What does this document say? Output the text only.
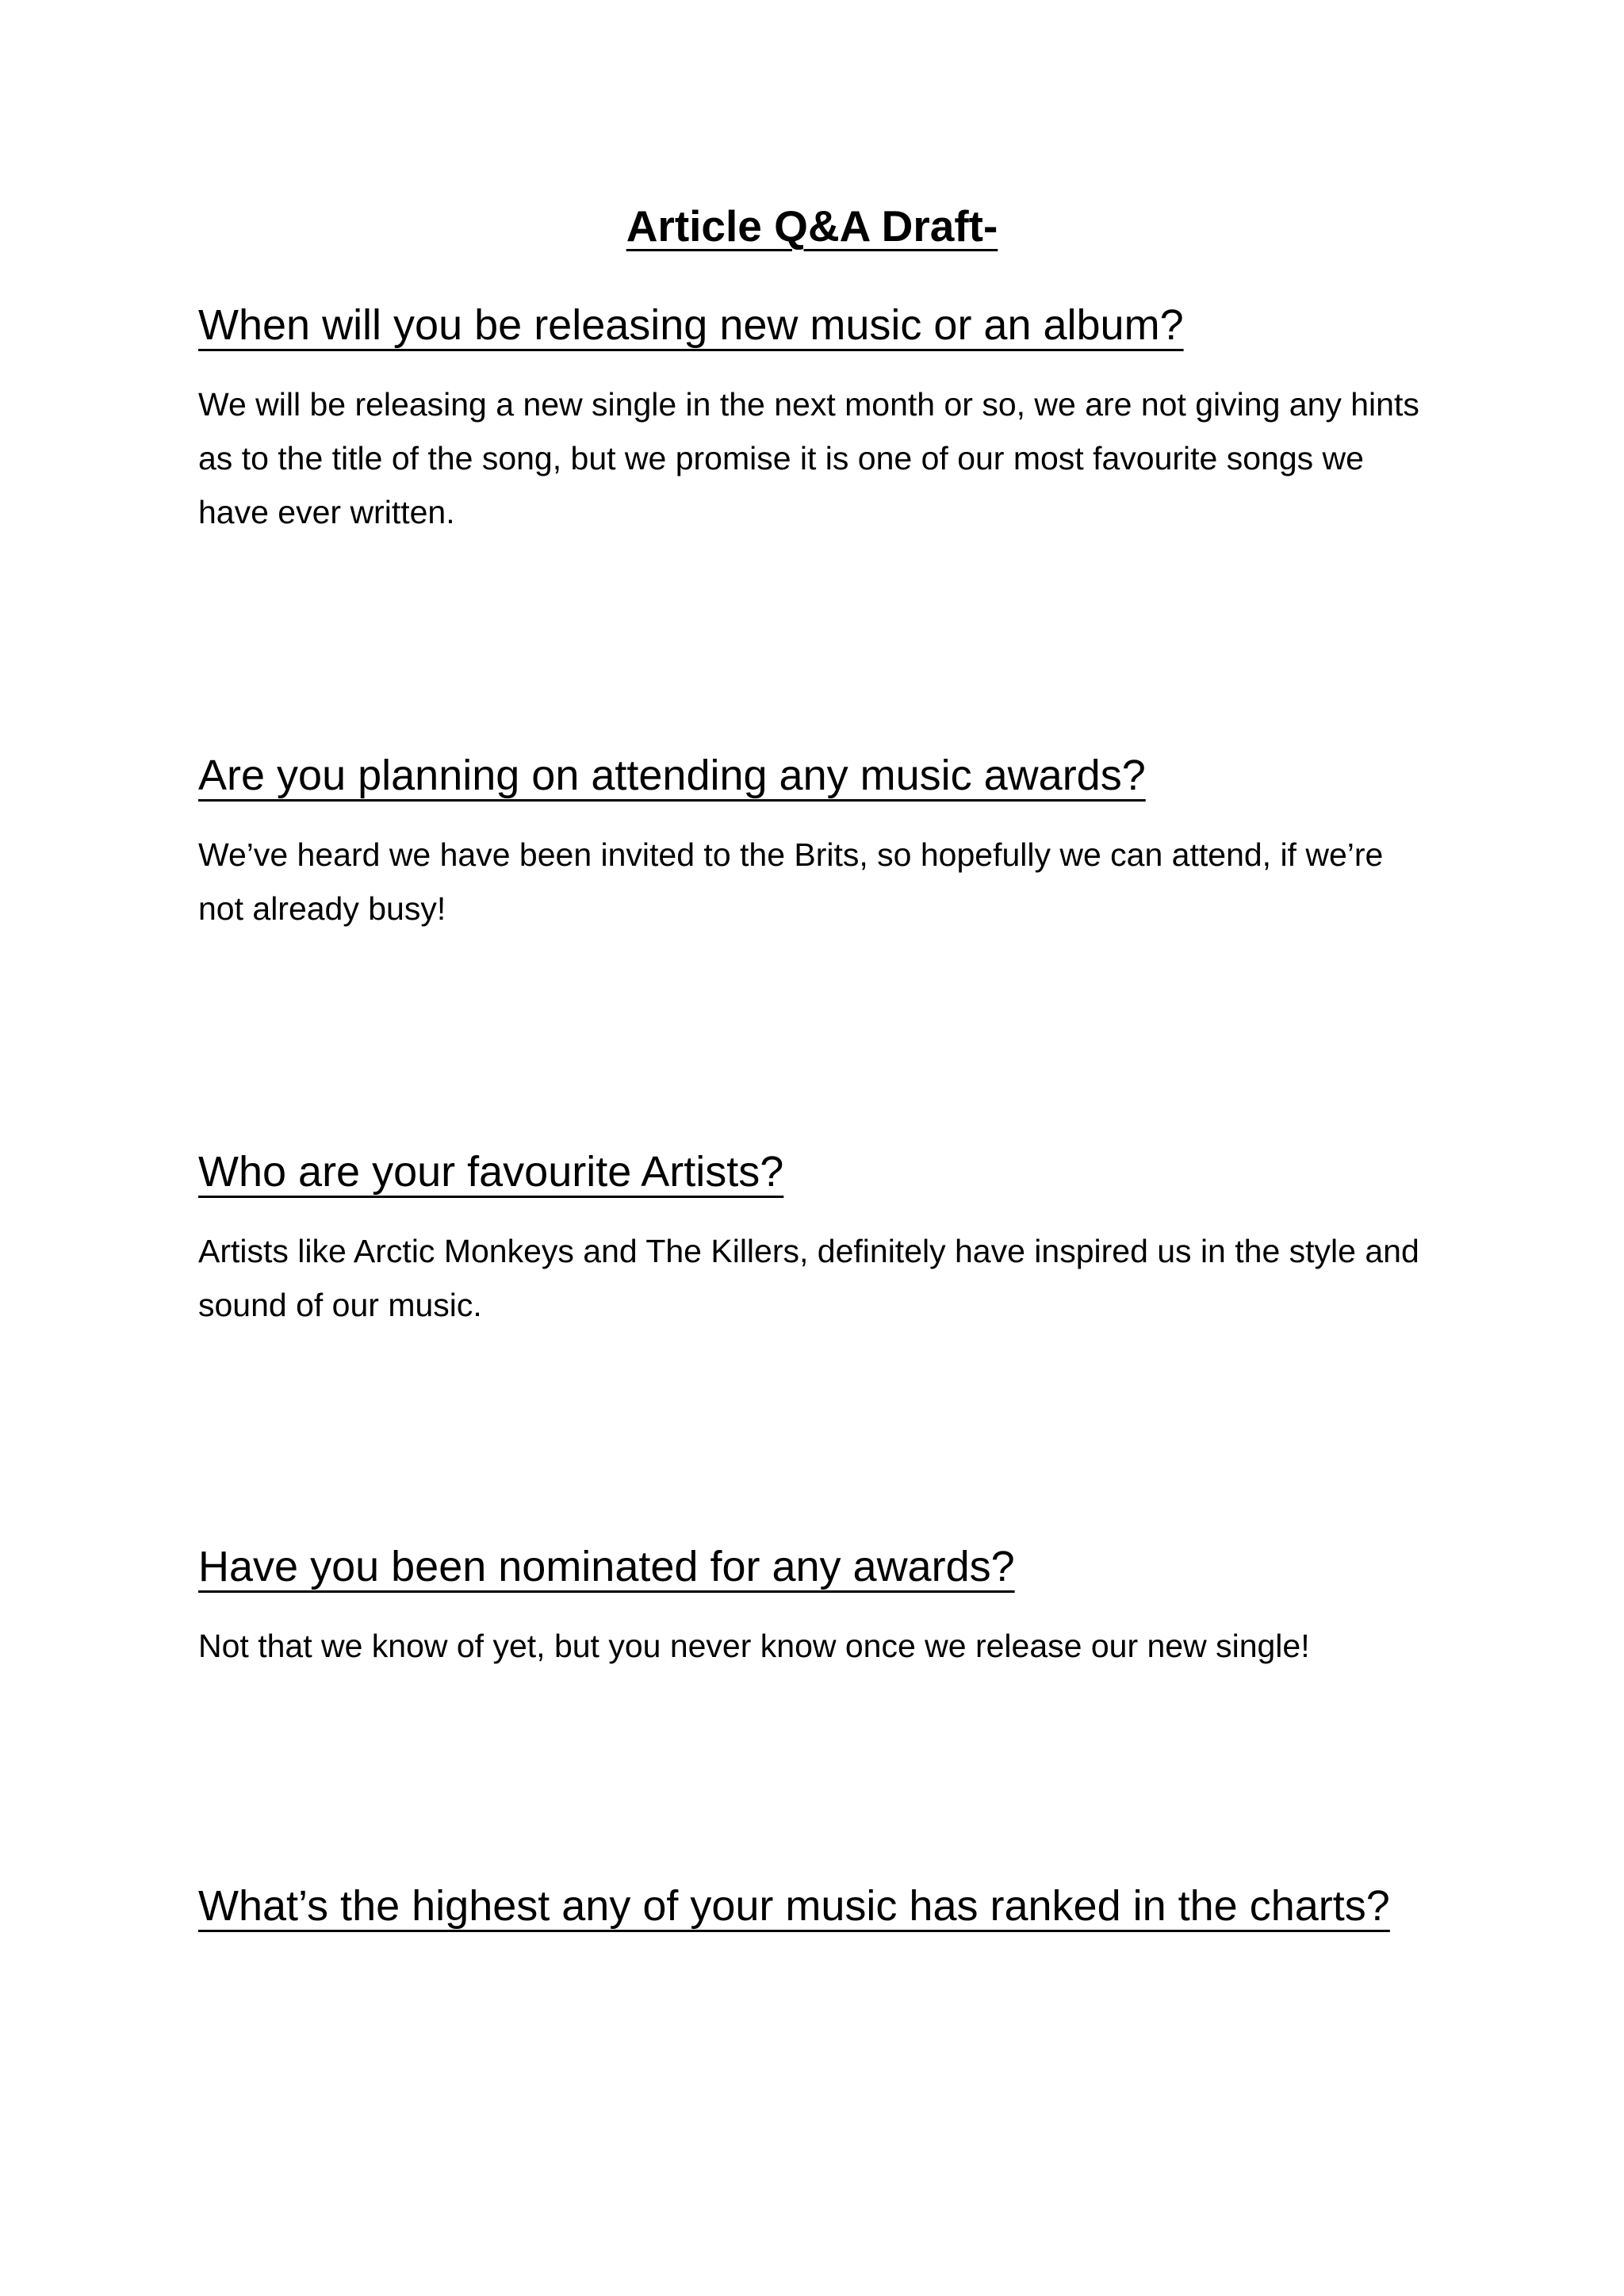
Article Q&A Draft-
When will you be releasing new music or an album?

We will be releasing a new single in the next month or so, we are not giving any hints as to the title of the song, but we promise it is one of our most favourite songs we have ever written.

Are you planning on attending any music awards?

We’ve heard we have been invited to the Brits, so hopefully we can attend, if we’re not already busy!

Who are your favourite Artists?

Artists like Arctic Monkeys and The Killers, definitely have inspired us in the style and sound of our music.

Have you been nominated for any awards?

Not that we know of yet, but you never know once we release our new single!

What’s the highest any of your music has ranked in the charts?
